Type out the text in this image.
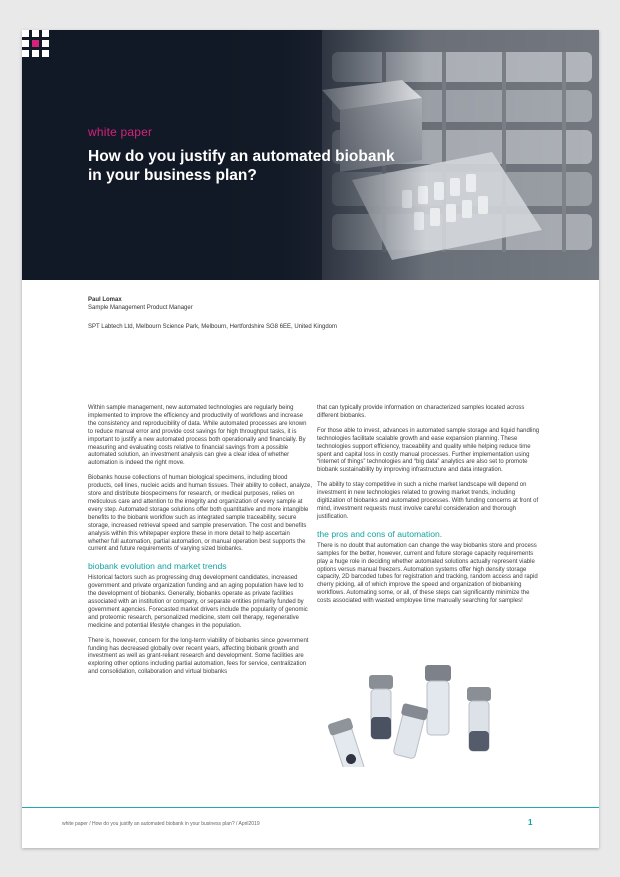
white paper
How do you justify an automated biobank in your business plan?
Paul Lomax
Sample Management Product Manager
SPT Labtech Ltd, Melbourn Science Park, Melbourn, Hertfordshire SG8 6EE, United Kingdom

Within sample management, new automated technologies are regularly being implemented to improve the efficiency and productivity of workflows and increase the consistency and reproducibility of data. While automated processes are known to reduce manual error and provide cost savings for high throughput tasks, it is important to justify a new automated process both operationally and financially. By measuring and evaluating costs relative to financial savings from a possible automated solution, an investment analysis can give a clear idea of whether automation is indeed the right move.

Biobanks house collections of human biological specimens, including blood products, cell lines, nucleic acids and human tissues. Their ability to collect, analyze, store and distribute biospecimens for research, or medical purposes, relies on meticulous care and attention to the integrity and organization of every sample at every step. Automated storage solutions offer both quantitative and more intangible benefits to the biobank workflow such as integrated sample traceability, secure storage, increased retrieval speed and sample preservation. The cost and benefits analysis within this whitepaper explore these in more detail to help ascertain whether full automation, partial automation, or manual operation best supports the current and future requirements of varying sized biobanks.

biobank evolution and market trends

Historical factors such as progressing drug development candidates, increased government and private organization funding and an aging population have led to the development of biobanks. Generally, biobanks operate as private facilities associated with an institution or company, or separate entities primarily funded by government agencies. Forecasted market drivers include the popularity of genomic and proteomic research, personalized medicine, stem cell therapy, regenerative medicine and potential lifestyle changes in the population.

There is, however, concern for the long-term viability of biobanks since government funding has decreased globally over recent years, affecting biobank growth and investment as well as grant-reliant research and development. Some facilities are exploring other options including partial automation, fees for service, centralization and consolidation, collaboration and virtual biobanks

that can typically provide information on characterized samples located across different biobanks.

For those able to invest, advances in automated sample storage and liquid handling technologies facilitate scalable growth and ease expansion planning. These technologies support efficiency, traceability and quality while helping reduce time spent and capital loss in costly manual processes. Further implementation using “internet of things” technologies and “big data” analytics are also set to promote biobank sustainability by improving infrastructure and data integration.

The ability to stay competitive in such a niche market landscape will depend on investment in new technologies related to growing market trends, including digitization of biobanks and automated processes. With funding concerns at front of mind, investment requests must involve careful consideration and thorough justification.

the pros and cons of automation.

There is no doubt that automation can change the way biobanks store and process samples for the better, however, current and future storage capacity requirements play a huge role in deciding whether automated solutions actually represent viable options versus manual freezers. Automation systems offer high density storage capacity, 2D barcoded tubes for registration and tracking, random access and rapid cherry picking, all of which improve the speed and organization of biobanking workflows. Automating some, or all, of these steps can significantly minimize the costs associated with wasted employee time manually searching for samples!

white paper / How do you justify an automated biobank in your business plan? / April2019	1
